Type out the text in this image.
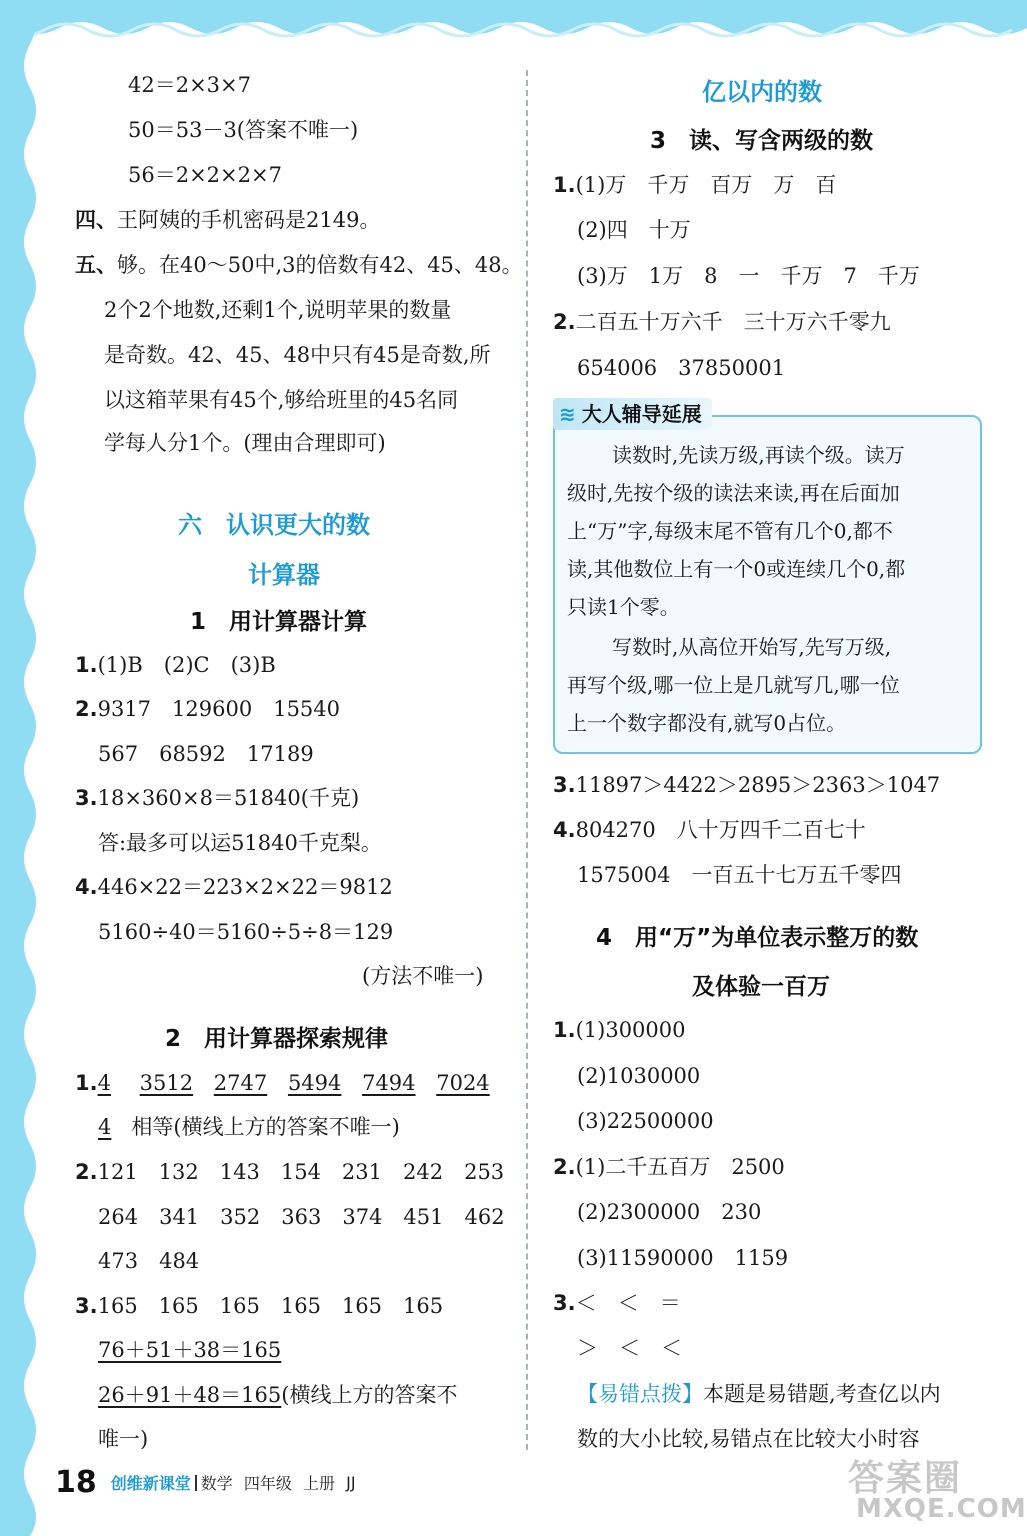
42＝2×3×7
50＝53－3(答案不唯一)
56＝2×2×2×7
四、王阿姨的手机密码是2149。
五、够。在40～50中,3的倍数有42、45、48。
2个2个地数,还剩1个,说明苹果的数量
是奇数。42、45、48中只有45是奇数,所
以这箱苹果有45个,够给班里的45名同
学每人分1个。(理由合理即可)
六　认识更大的数
计算器
1　用计算器计算
1.(1)B　(2)C　(3)B
2.9317　129600　15540
567　68592　17189
3.18×360×8＝51840(千克)
答:最多可以运51840千克梨。
4.446×22＝223×2×22＝9812
5160÷40＝5160÷5÷8＝129
(方法不唯一)
2　用计算器探索规律
1.4 3512 2747 5494 7494 7024
4 相等(横线上方的答案不唯一)
2.121　132　143　154　231　242　253
264　341　352　363　374　451　462
473　484
3.165　165　165　165　165　165
76＋51＋38＝165
26＋91＋48＝165(横线上方的答案不
唯一)
亿以内的数
3　读、写含两级的数
1.(1)万　千万　百万　万　百
(2)四　十万
(3)万　1万　8　一　千万　7　千万
2.二百五十万六千　三十万六千零九
654006　37850001
≋ 大人辅导延展
读数时,先读万级,再读个级。读万
级时,先按个级的读法来读,再在后面加
上“万”字,每级末尾不管有几个0,都不
读,其他数位上有一个0或连续几个0,都
只读1个零。
写数时,从高位开始写,先写万级,
再写个级,哪一位上是几就写几,哪一位
上一个数字都没有,就写0占位。
3.11897＞4422＞2895＞2363＞1047
4.804270　八十万四千二百七十
1575004　一百五十七万五千零四
4　用“万”为单位表示整万的数
及体验一百万
1.(1)300000
(2)1030000
(3)22500000
2.(1)二千五百万　2500
(2)2300000　230
(3)11590000　1159
3.＜　＜　＝
＞　＜　＜
【易错点拨】本题是易错题,考查亿以内
数的大小比较,易错点在比较大小时容
18 创维新课堂 数学 四年级 上册 JJ	答案圈
MXQE.COM
